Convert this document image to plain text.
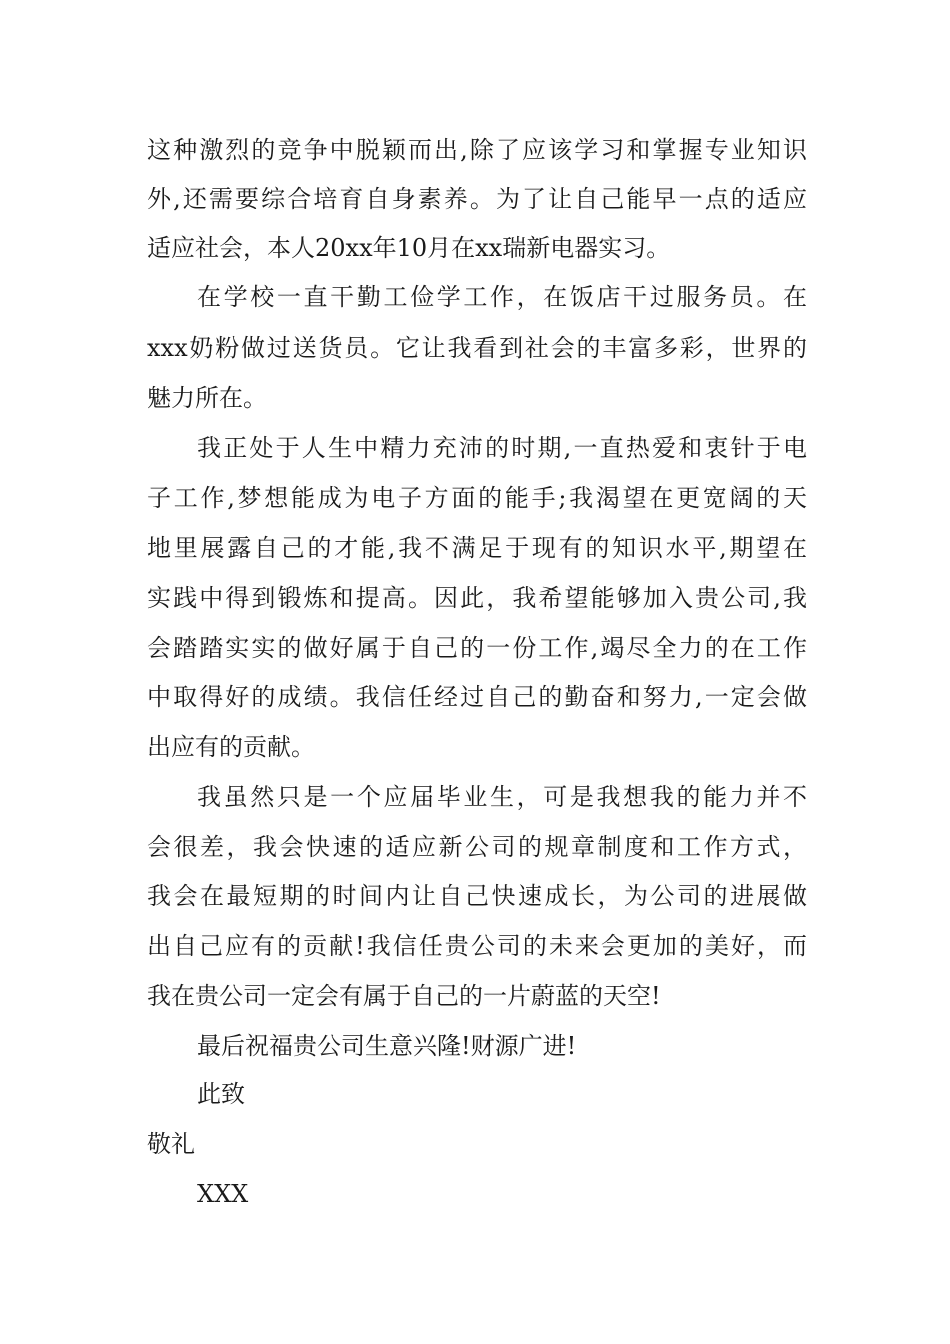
这种激烈的竞争中脱颖而出,除了应该学习和掌握专业知识
外,还需要综合培育自身素养。为了让自己能早一点的适应
适应社会，本人20xx年10月在xx瑞新电器实习。
在学校一直干勤工俭学工作，在饭店干过服务员。在
xxx奶粉做过送货员。它让我看到社会的丰富多彩，世界的
魅力所在。
我正处于人生中精力充沛的时期,一直热爱和衷针于电
子工作,梦想能成为电子方面的能手;我渴望在更宽阔的天
地里展露自己的才能,我不满足于现有的知识水平,期望在
实践中得到锻炼和提高。因此，我希望能够加入贵公司,我
会踏踏实实的做好属于自己的一份工作,竭尽全力的在工作
中取得好的成绩。我信任经过自己的勤奋和努力,一定会做
出应有的贡献。
我虽然只是一个应届毕业生，可是我想我的能力并不
会很差，我会快速的适应新公司的规章制度和工作方式，
我会在最短期的时间内让自己快速成长，为公司的进展做
出自己应有的贡献!我信任贵公司的未来会更加的美好，而
我在贵公司一定会有属于自己的一片蔚蓝的天空!
最后祝福贵公司生意兴隆!财源广进!
此致
敬礼
XXX
